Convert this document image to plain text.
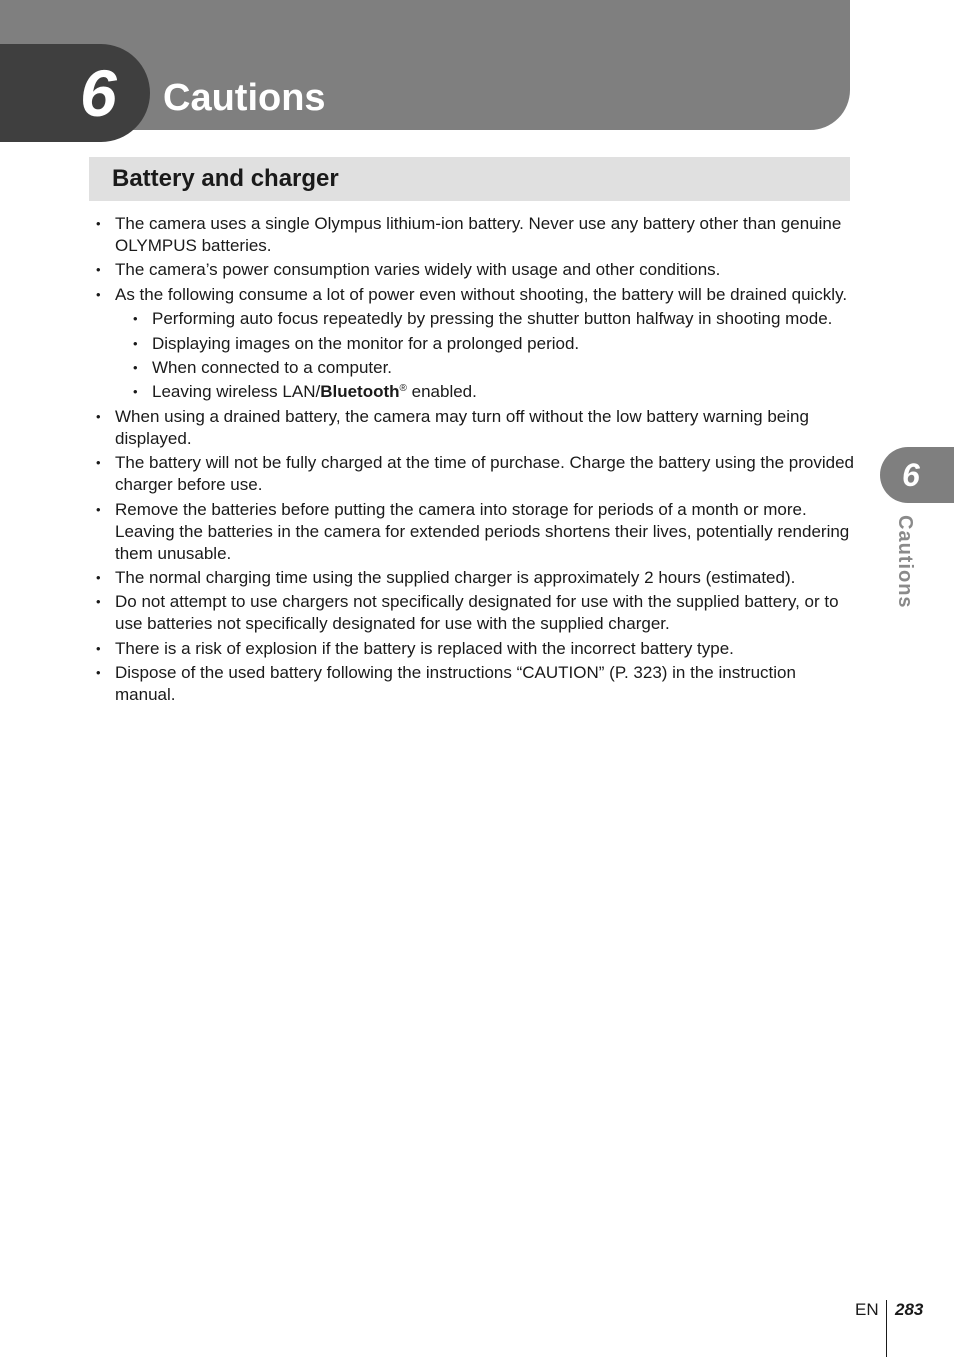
6	Cautions
Battery and charger
• The camera uses a single Olympus lithium-ion battery. Never use any battery other than genuine OLYMPUS batteries.
• The camera’s power consumption varies widely with usage and other conditions.
• As the following consume a lot of power even without shooting, the battery will be drained quickly.
• Performing auto focus repeatedly by pressing the shutter button halfway in shooting mode.
• Displaying images on the monitor for a prolonged period.
• When connected to a computer.
• Leaving wireless LAN/Bluetooth® enabled.
• When using a drained battery, the camera may turn off without the low battery warning being displayed.
• The battery will not be fully charged at the time of purchase. Charge the battery using the provided charger before use.
• Remove the batteries before putting the camera into storage for periods of a month or more. Leaving the batteries in the camera for extended periods shortens their lives, potentially rendering them unusable.
• The normal charging time using the supplied charger is approximately 2 hours (estimated).
• Do not attempt to use chargers not specifically designated for use with the supplied battery, or to use batteries not specifically designated for use with the supplied charger.
• There is a risk of explosion if the battery is replaced with the incorrect battery type.
• Dispose of the used battery following the instructions “CAUTION” (P. 323) in the instruction manual.
6

Cautions

EN 283
